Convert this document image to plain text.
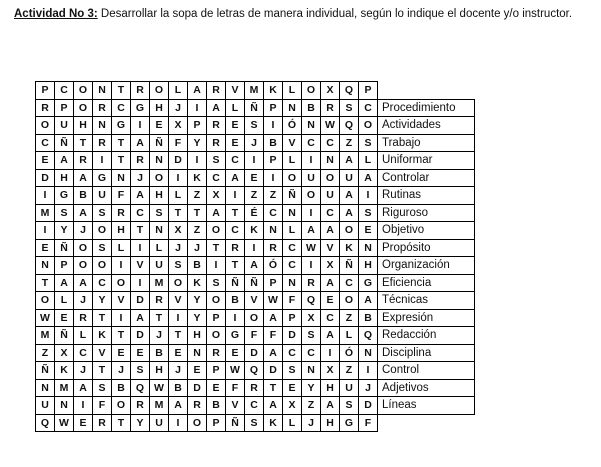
Actividad No 3: Desarrollar la sopa de letras de manera individual, según lo indique el docente y/o instructor.
P	C	O	N	T	R	O	L	A	R	V	M	K	L	O	X	Q	P	
R	P	O	R	C	G	H	J	I	A	L	Ñ	P	N	B	R	S	C	Procedimiento
O	U	H	N	G	I	E	X	P	R	E	S	I	Ó	N	W	Q	O	Actividades
C	Ñ	T	R	T	A	Ñ	F	Y	R	E	J	B	V	C	C	Z	S	Trabajo
E	A	R	I	T	R	N	D	I	S	C	I	P	L	I	N	A	L	Uniformar
D	H	A	G	N	J	O	I	K	C	A	E	I	O	U	O	U	A	Controlar
I	G	B	U	F	A	H	L	Z	X	I	Z	Z	Ñ	O	U	A	I	Rutinas
M	S	A	S	R	C	S	T	T	A	T	É	C	N	I	C	A	S	Riguroso
I	Y	J	O	H	T	N	X	Z	O	C	K	N	L	A	A	O	E	Objetivo
E	Ñ	O	S	L	I	L	J	J	T	R	I	R	C	W	V	K	N	Propósito
N	P	O	O	I	V	U	S	B	I	T	A	Ó	C	I	X	Ñ	H	Organización
T	A	A	C	O	I	M	O	K	S	Ñ	Ñ	P	N	R	A	C	G	Eficiencia
O	L	J	Y	V	D	R	V	Y	O	B	V	W	F	Q	E	O	A	Técnicas
W	E	R	T	I	A	T	I	Y	P	I	O	A	P	X	C	Z	B	Expresión
M	Ñ	L	K	T	D	J	T	H	O	G	F	F	D	S	A	L	Q	Redacción
Z	X	C	V	E	E	B	E	N	R	E	D	A	C	C	I	Ó	N	Disciplina
Ñ	K	J	T	J	S	H	J	E	P	W	Q	D	S	N	X	Z	I	Control
N	M	A	S	B	Q	W	B	D	E	F	R	T	E	Y	H	U	J	Adjetivos
U	N	I	F	O	R	M	A	R	B	V	C	A	X	Z	A	S	D	Líneas
Q	W	E	R	T	Y	U	I	O	P	Ñ	S	K	L	J	H	G	F	
